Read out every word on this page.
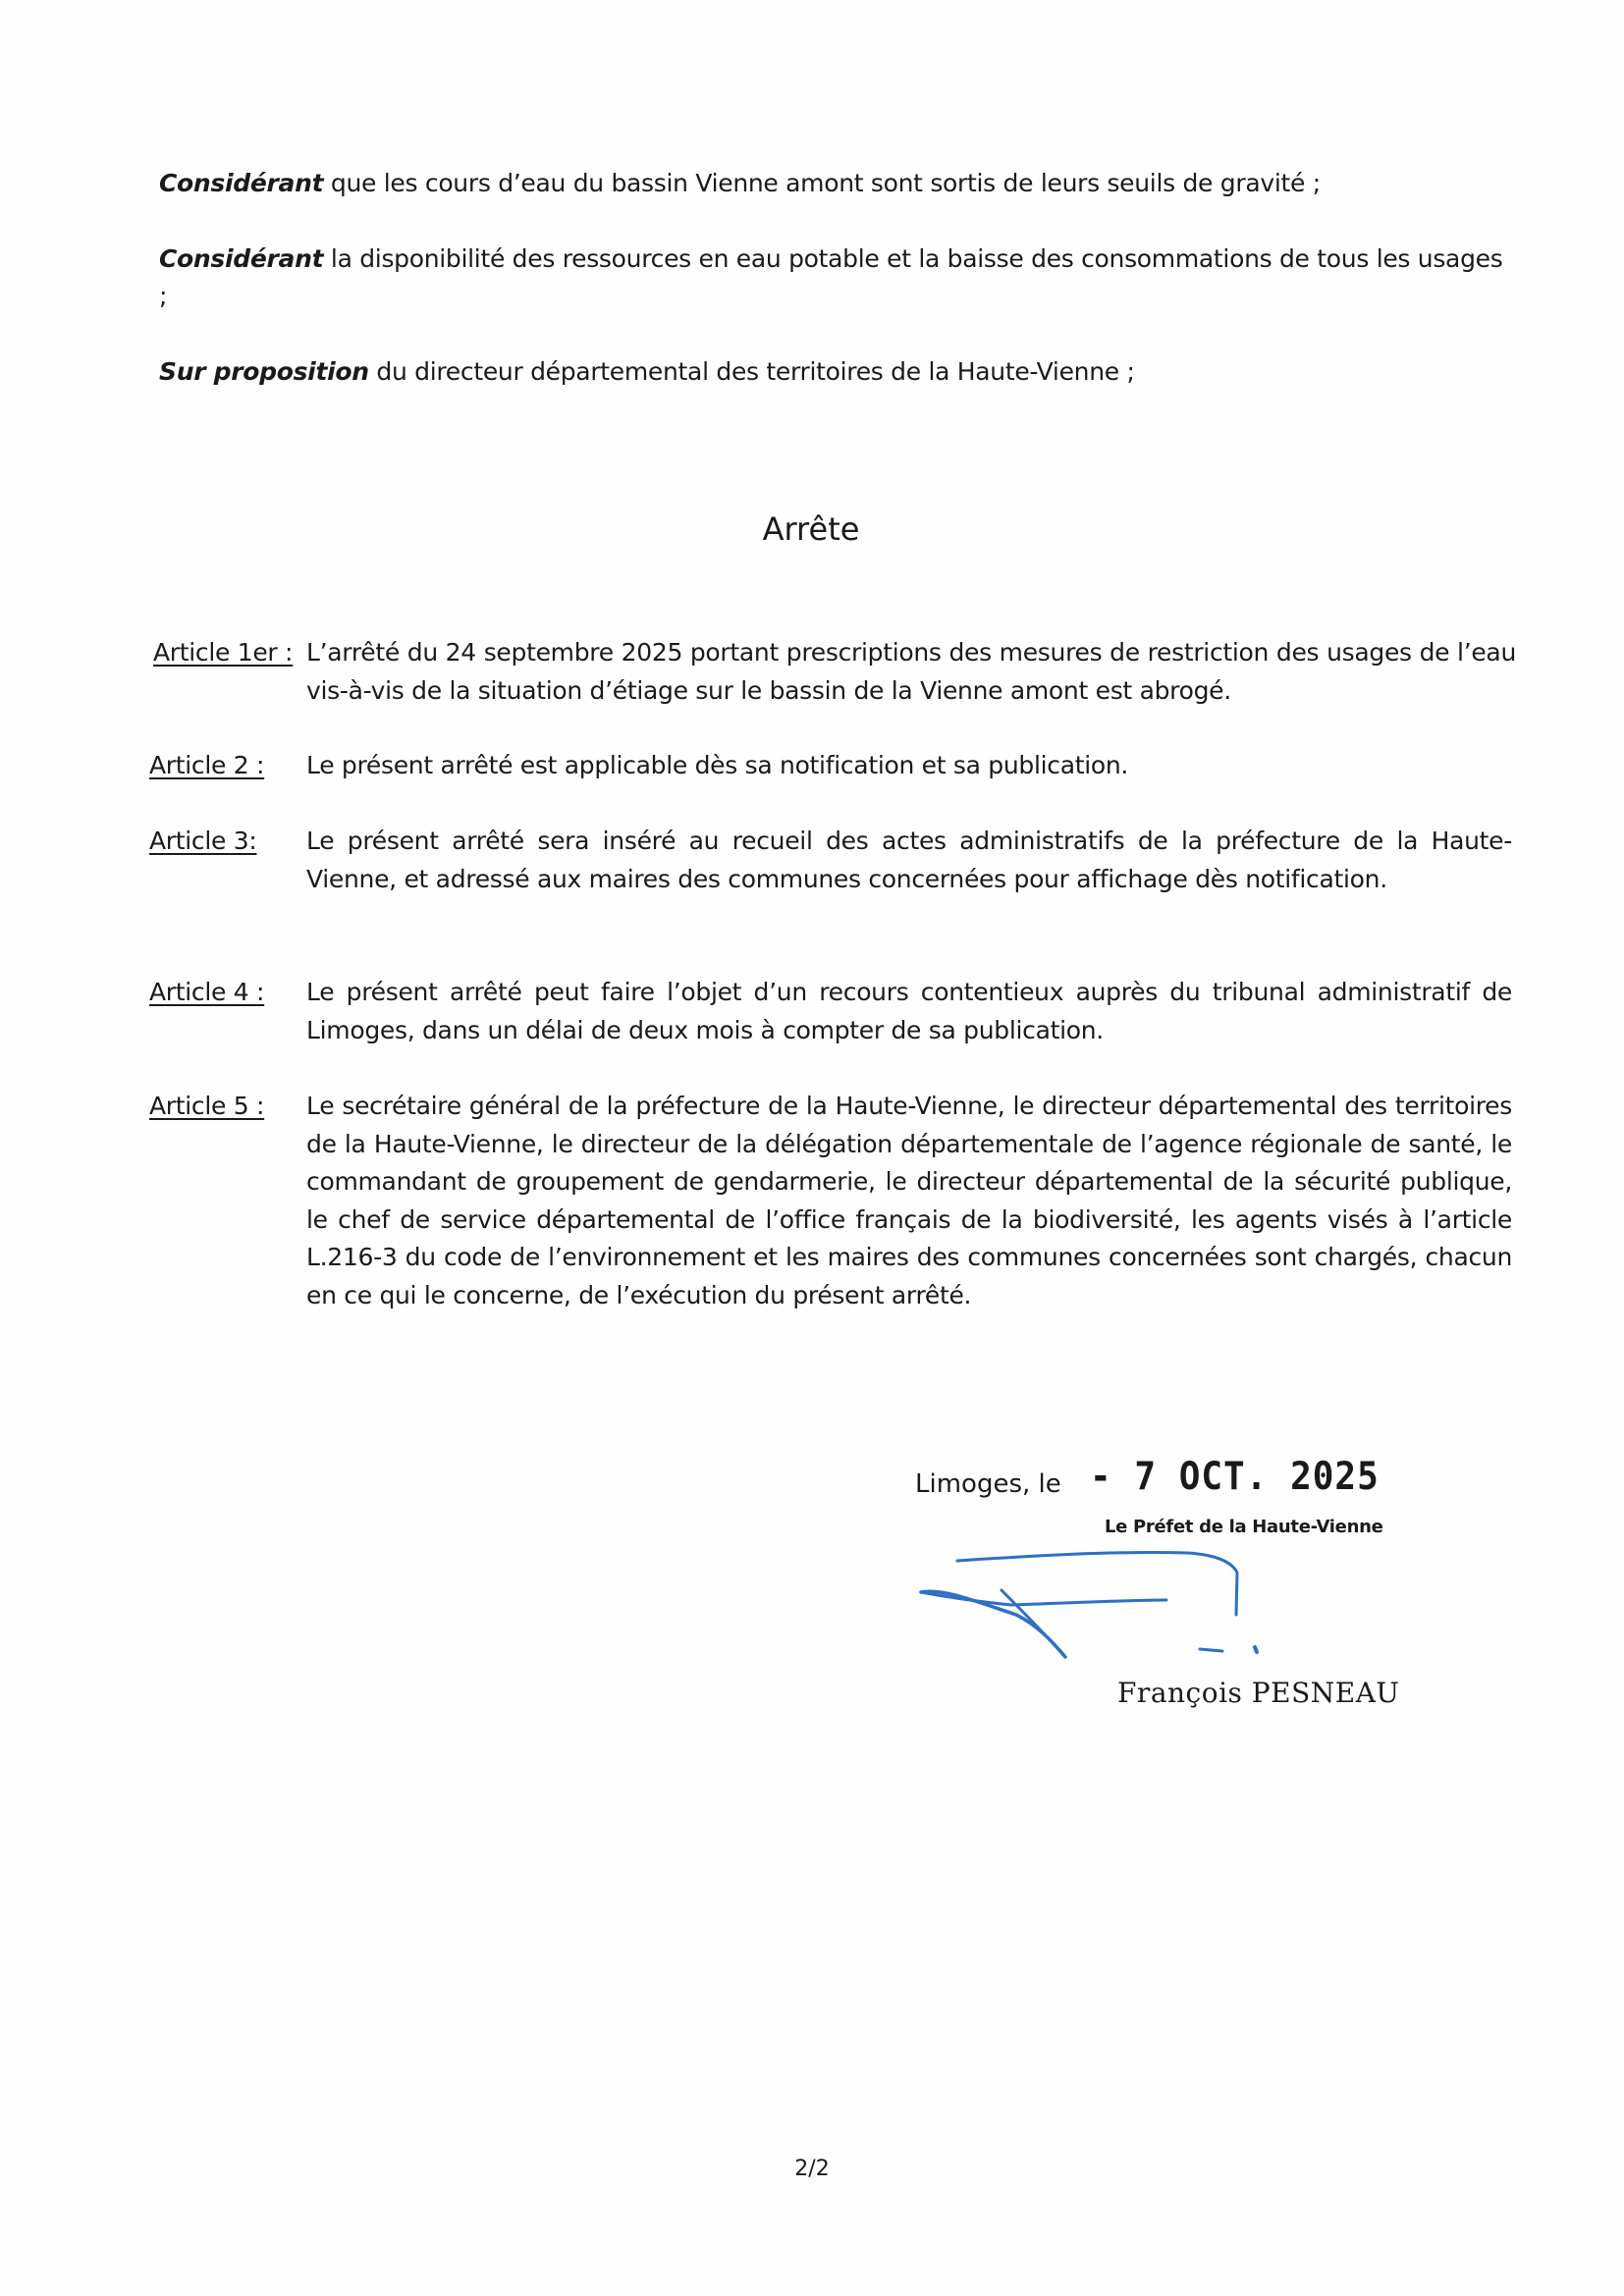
Considérant que les cours d’eau du bassin Vienne amont sont sortis de leurs seuils de gravité ;
Considérant la disponibilité des ressources en eau potable et la baisse des consommations de tous les usages ;
Sur proposition du directeur départemental des territoires de la Haute-Vienne ;
Arrête
Article 1er : L’arrêté du 24 septembre 2025 portant prescriptions des mesures de restriction des usages de l’eau vis-à-vis de la situation d’étiage sur le bassin de la Vienne amont est abrogé.
Article 2 : Le présent arrêté est applicable dès sa notification et sa publication.
Article 3: Le présent arrêté sera inséré au recueil des actes administratifs de la préfecture de la Haute-Vienne, et adressé aux maires des communes concernées pour affichage dès notification.
Article 4 : Le présent arrêté peut faire l’objet d’un recours contentieux auprès du tribunal administratif de Limoges, dans un délai de deux mois à compter de sa publication.
Article 5 : Le secrétaire général de la préfecture de la Haute-Vienne, le directeur départemental des territoires de la Haute-Vienne, le directeur de la délégation départementale de l’agence régionale de santé, le commandant de groupement de gendarmerie, le directeur départemental de la sécurité publique, le chef de service départemental de l’office français de la biodiversité, les agents visés à l’article L.216-3 du code de l’environnement et les maires des communes concernées sont chargés, chacun en ce qui le concerne, de l’exécution du présent arrêté.
Limoges, le - 7 OCT. 2025
Le Préfet de la Haute-Vienne
François PESNEAU
2/2
